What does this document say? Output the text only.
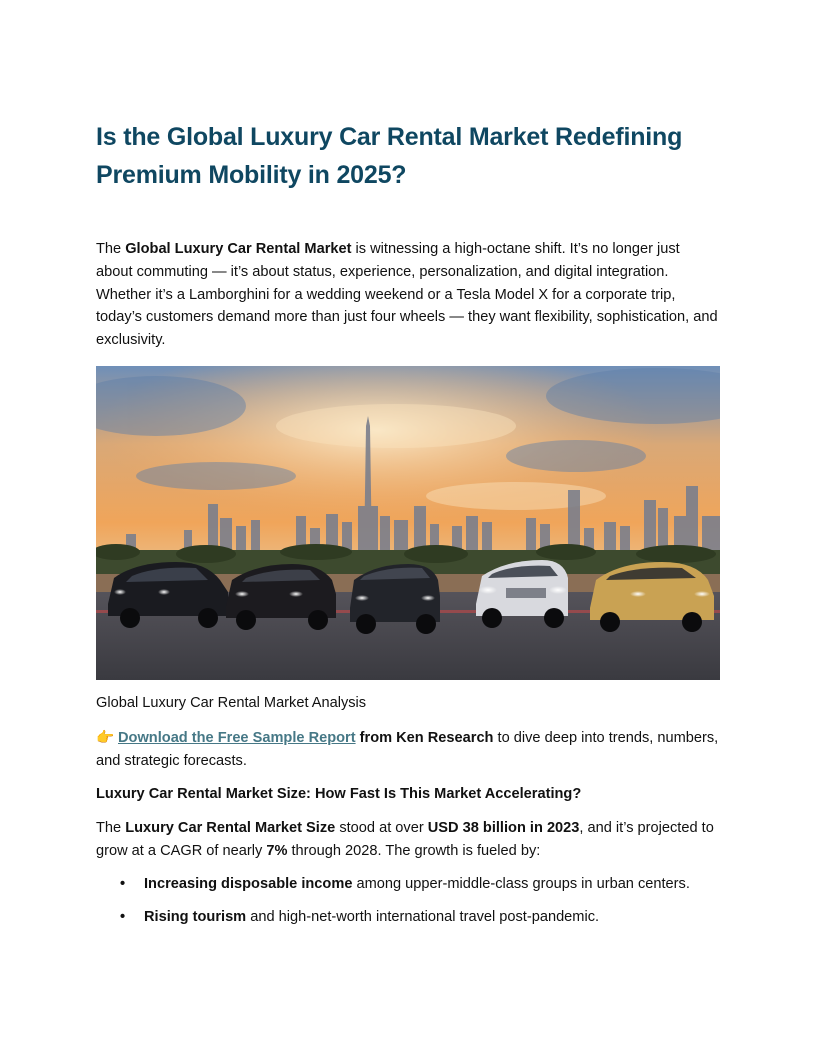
Is the Global Luxury Car Rental Market Redefining Premium Mobility in 2025?

The Global Luxury Car Rental Market is witnessing a high-octane shift. It’s no longer just about commuting — it’s about status, experience, personalization, and digital integration. Whether it’s a Lamborghini for a wedding weekend or a Tesla Model X for a corporate trip, today’s customers demand more than just four wheels — they want flexibility, sophistication, and exclusivity.

Global Luxury Car Rental Market Analysis

👉 Download the Free Sample Report from Ken Research to dive deep into trends, numbers, and strategic forecasts.

Luxury Car Rental Market Size: How Fast Is This Market Accelerating?

The Luxury Car Rental Market Size stood at over USD 38 billion in 2023, and it’s projected to grow at a CAGR of nearly 7% through 2028. The growth is fueled by:

• Increasing disposable income among upper-middle-class groups in urban centers.
• Rising tourism and high-net-worth international travel post-pandemic.
